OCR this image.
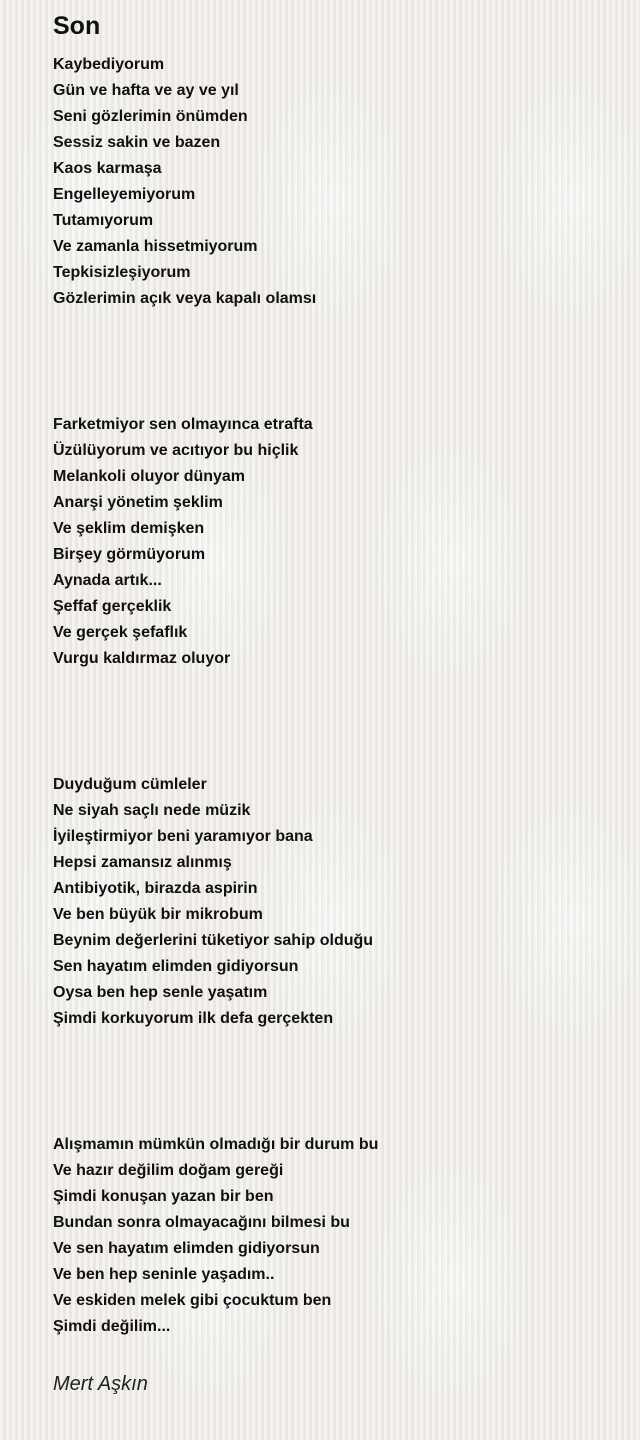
Son
Kaybediyorum
Gün ve hafta ve ay ve yıl
Seni gözlerimin önümden
Sessiz sakin ve bazen
Kaos karmaşa
Engelleyemiyorum
Tutamıyorum
Ve zamanla hissetmiyorum
Tepkisizleşiyorum
Gözlerimin açık veya kapalı olamsı
Farketmiyor sen olmayınca etrafta
Üzülüyorum ve acıtıyor bu hiçlik
Melankoli oluyor dünyam
Anarşi yönetim şeklim
Ve şeklim demişken
Birşey görmüyorum
Aynada artık...
Şeffaf gerçeklik
Ve gerçek şefaflık
Vurgu kaldırmaz oluyor
Duyduğum cümleler
Ne siyah saçlı nede müzik
İyileştirmiyor beni yaramıyor bana
Hepsi zamansız alınmış
Antibiyotik, birazda aspirin
Ve ben büyük bir mikrobum
Beynim değerlerini tüketiyor sahip olduğu
Sen hayatım elimden gidiyorsun
Oysa ben hep senle yaşatım
Şimdi korkuyorum ilk defa gerçekten
Alışmamın mümkün olmadığı bir durum bu
Ve hazır değilim doğam gereği
Şimdi konuşan yazan bir ben
Bundan sonra olmayacağını bilmesi bu
Ve sen hayatım elimden gidiyorsun
Ve ben hep seninle yaşadım..
Ve eskiden melek gibi çocuktum ben
Şimdi değilim...
Mert Aşkın
